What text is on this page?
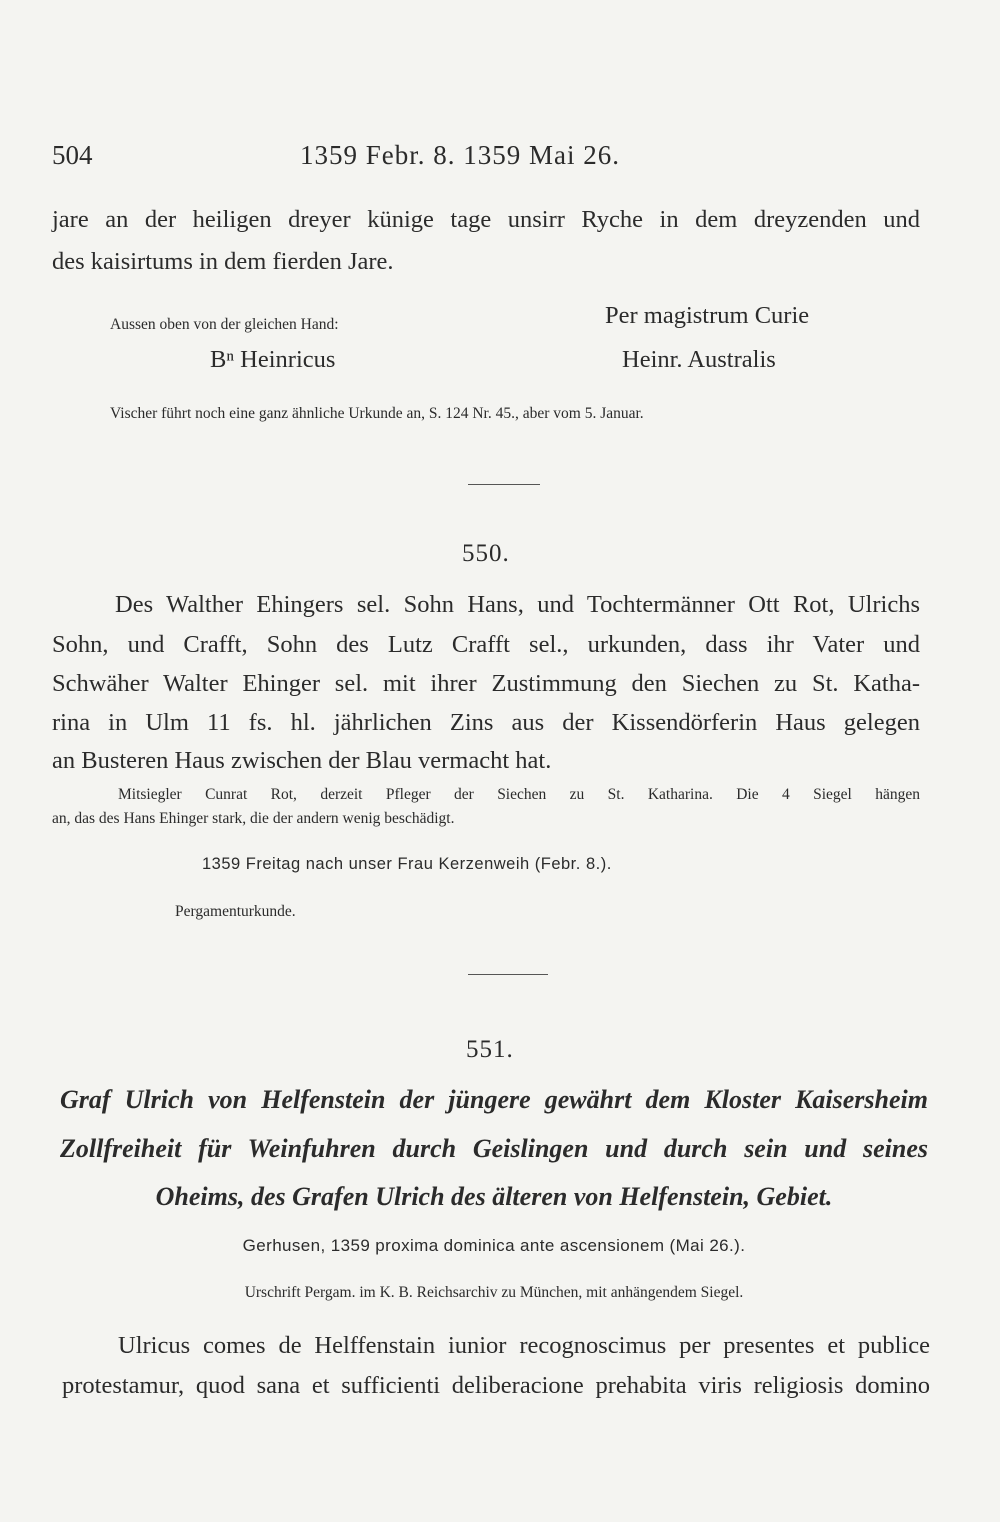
504	1359 Febr. 8. 1359 Mai 26.
jare an der heiligen dreyer künige tage unsirr Ryche in dem dreyzenden und
des kaisirtums in dem fierden Jare.
Aussen oben von der gleichen Hand:	Per magistrum Curie
Bⁿ Heinricus	Heinr. Australis
Vischer führt noch eine ganz ähnliche Urkunde an, S. 124 Nr. 45., aber vom 5. Januar.
550.
Des Walther Ehingers sel. Sohn Hans, und Tochtermänner Ott Rot, Ulrichs
Sohn, und Crafft, Sohn des Lutz Crafft sel., urkunden, dass ihr Vater und
Schwäher Walter Ehinger sel. mit ihrer Zustimmung den Siechen zu St. Katha-
rina in Ulm 11 fs. hl. jährlichen Zins aus der Kissendörferin Haus gelegen
an Busteren Haus zwischen der Blau vermacht hat.
Mitsiegler Cunrat Rot, derzeit Pfleger der Siechen zu St. Katharina. Die 4 Siegel hängen
an, das des Hans Ehinger stark, die der andern wenig beschädigt.
1359 Freitag nach unser Frau Kerzenweih (Febr. 8.).
Pergamenturkunde.
551.
Graf Ulrich von Helfenstein der jüngere gewährt dem Kloster Kaisersheim
Zollfreiheit für Weinfuhren durch Geislingen und durch sein und seines
Oheims, des Grafen Ulrich des älteren von Helfenstein, Gebiet.
Gerhusen, 1359 proxima dominica ante ascensionem (Mai 26.).
Urschrift Pergam. im K. B. Reichsarchiv zu München, mit anhängendem Siegel.
Ulricus comes de Helffenstain iunior recognoscimus per presentes et publice
protestamur, quod sana et sufficienti deliberacione prehabita viris religiosis domino
